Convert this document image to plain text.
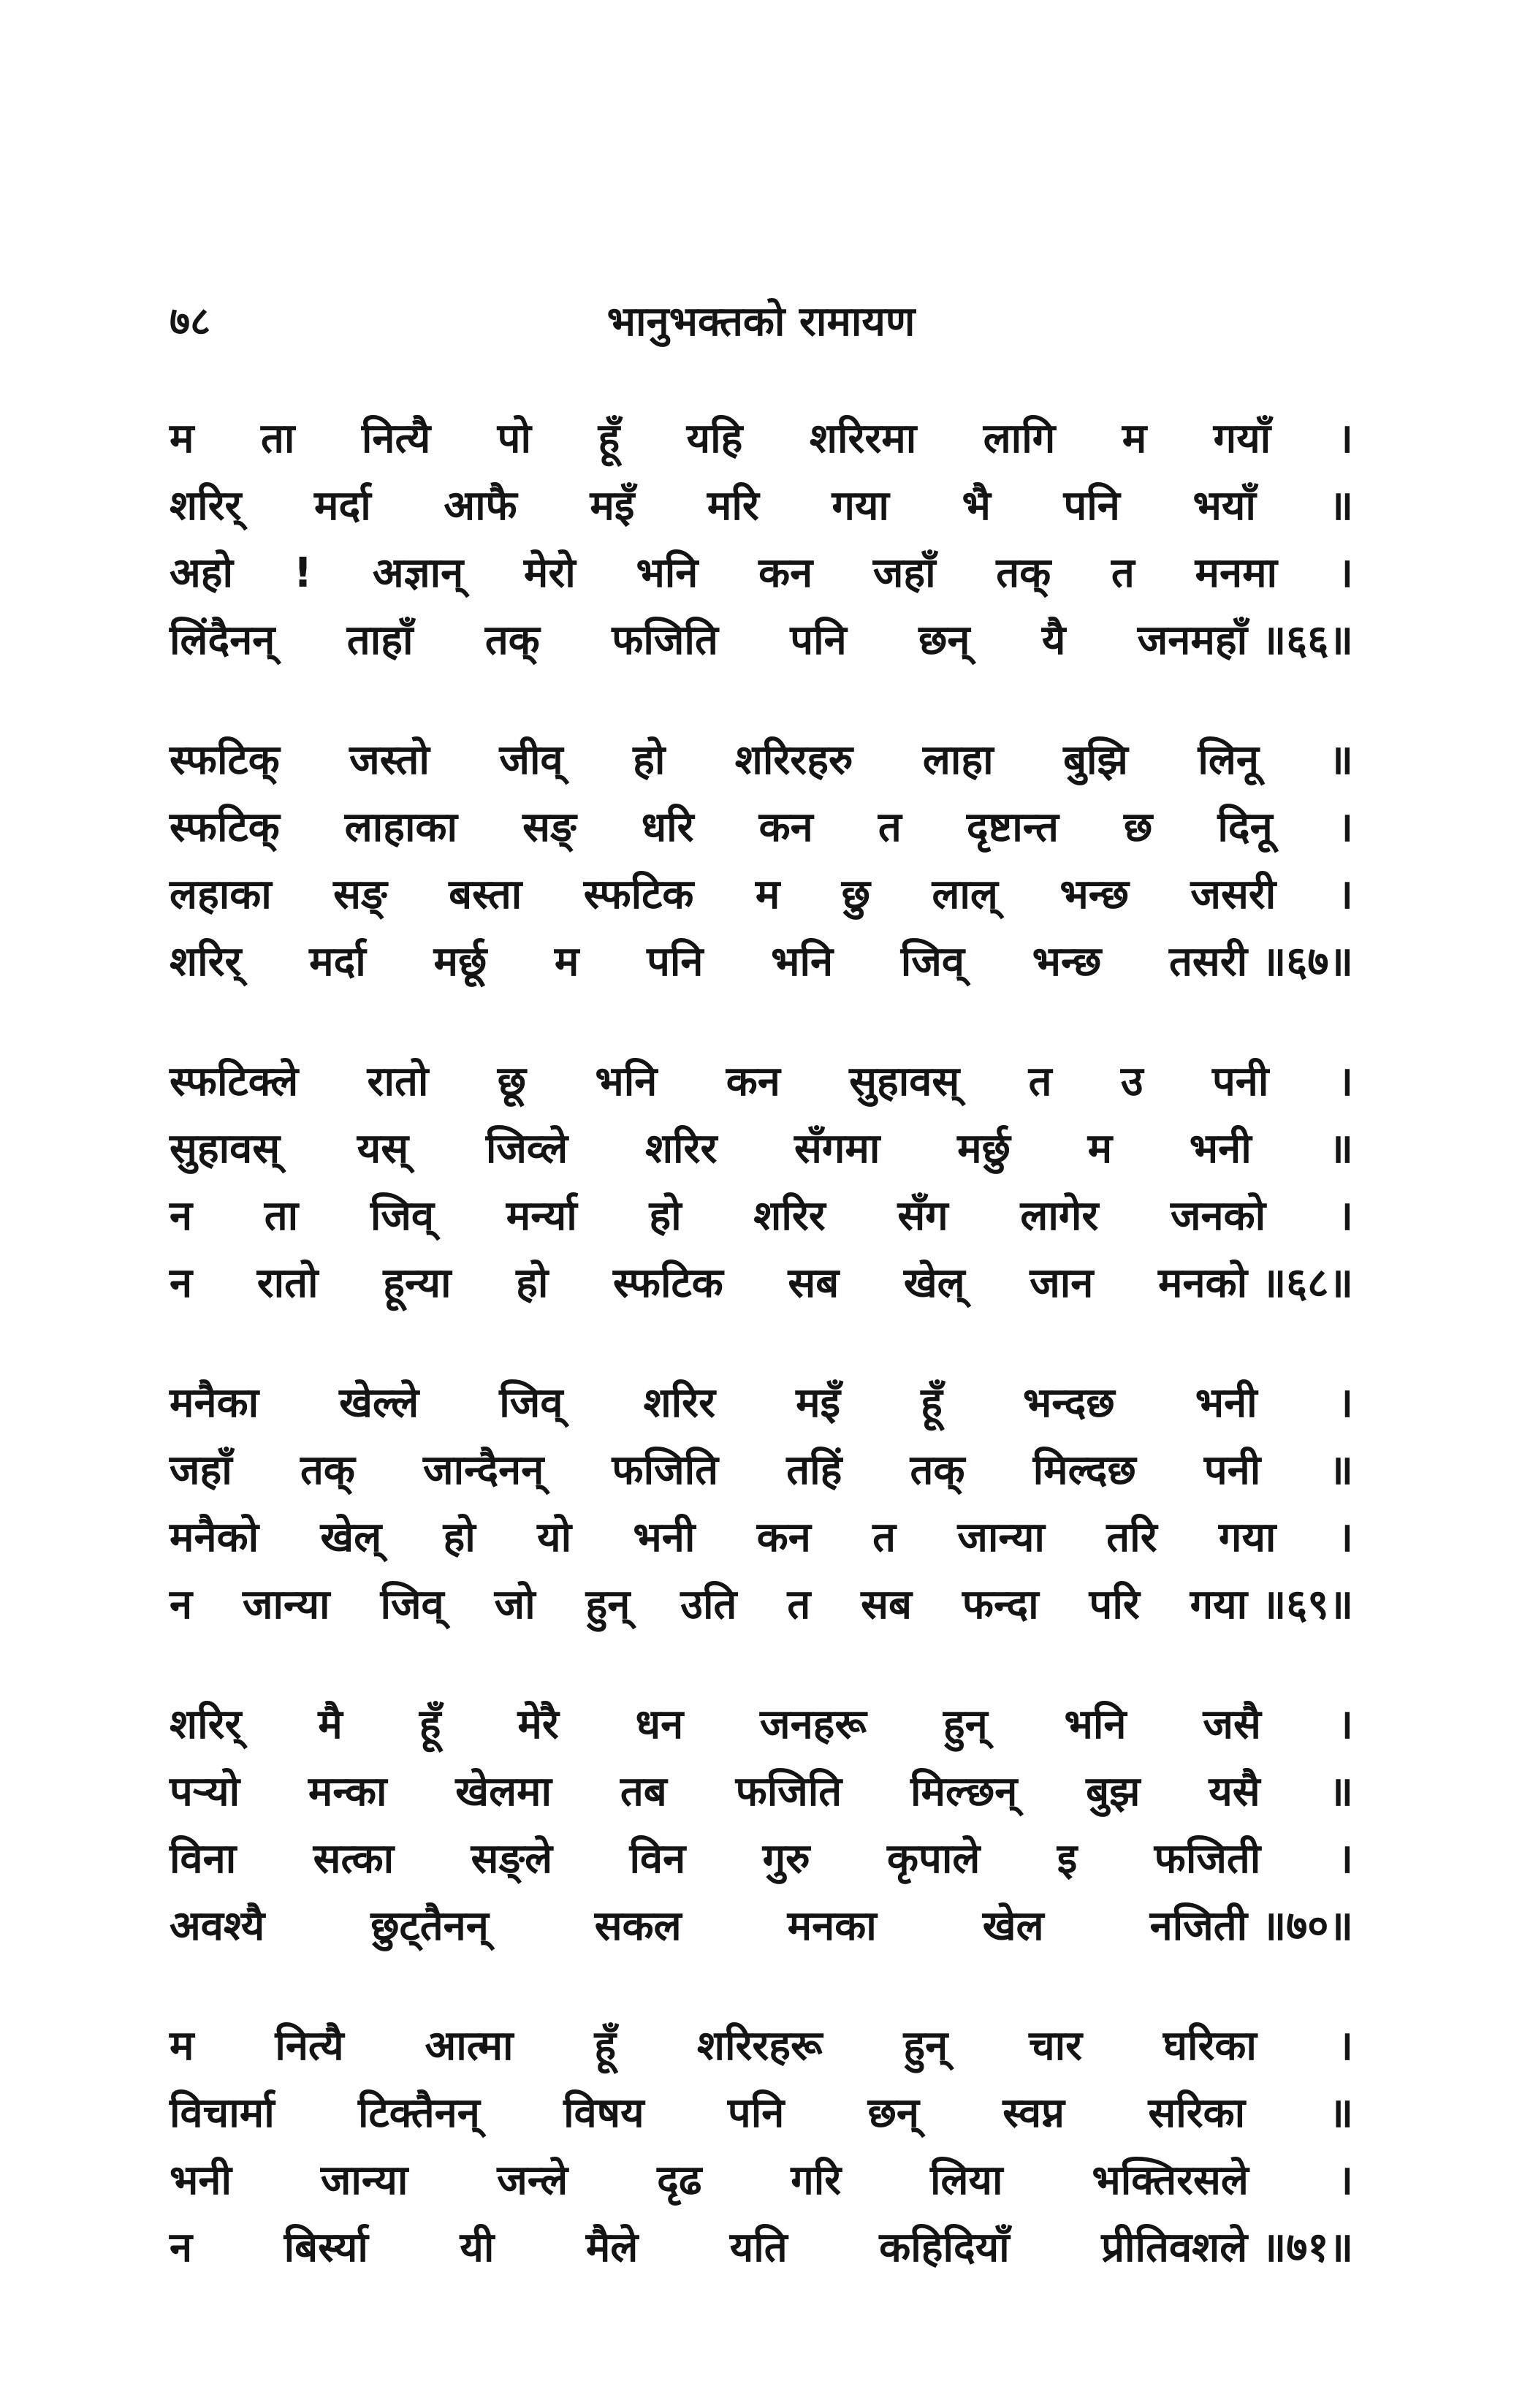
७८	भानुभक्तको रामायण
म ता नित्यै पो हूँ यहि शरिरमा लागि म गयाँ ।
शरिर् मर्दा आफै मइँ मरि गया भै पनि भयाँ ॥
अहो ! अज्ञान् मेरो भनि कन जहाँ तक् त मनमा ।
लिंदैनन् ताहाँ तक् फजिति पनि छन् यै जनमहाँ ॥६६॥
स्फटिक् जस्तो जीव् हो शरिरहरु लाहा बुझि लिनू ॥
स्फटिक् लाहाका सङ् धरि कन त दृष्टान्त छ दिनू ।
लहाका सङ् बस्ता स्फटिक म छु लाल् भन्छ जसरी ।
शरिर् मर्दा मर्छू म पनि भनि जिव् भन्छ तसरी ॥६७॥
स्फटिक्ले रातो छू भनि कन सुहावस् त उ पनी ।
सुहावस् यस् जिव्ले शरिर सँगमा मर्छु म भनी ॥
न ता जिव् मर्न्या हो शरिर सँग लागेर जनको ।
न रातो हून्या हो स्फटिक सब खेल् जान मनको ॥६८॥
मनैका खेल्ले जिव् शरिर मइँ हूँ भन्दछ भनी ।
जहाँ तक् जान्दैनन् फजिति तहिं तक् मिल्दछ पनी ॥
मनैको खेल् हो यो भनी कन त जान्या तरि गया ।
न जान्या जिव् जो हुन् उति त सब फन्दा परि गया ॥६९॥
शरिर् मै हूँ मेरै धन जनहरू हुन् भनि जसै ।
पऱ्यो मन्का खेलमा तब फजिति मिल्छन् बुझ यसै ॥
विना सत्का सङ्ले विन गुरु कृपाले इ फजिती ।
अवश्यै	छुट्तैनन्	सकल	मनका	खेल	नजिती ॥७०॥
म नित्यै आत्मा हूँ शरिरहरू हुन् चार घरिका ।
विचार्मा टिक्तैनन् विषय पनि छन् स्वप्न सरिका ॥
भनी जान्या जन्ले दृढ गरि लिया भक्तिरसले ।
न बिर्स्या यी मैले यति कहिदियाँ प्रीतिवशले ॥७१॥
